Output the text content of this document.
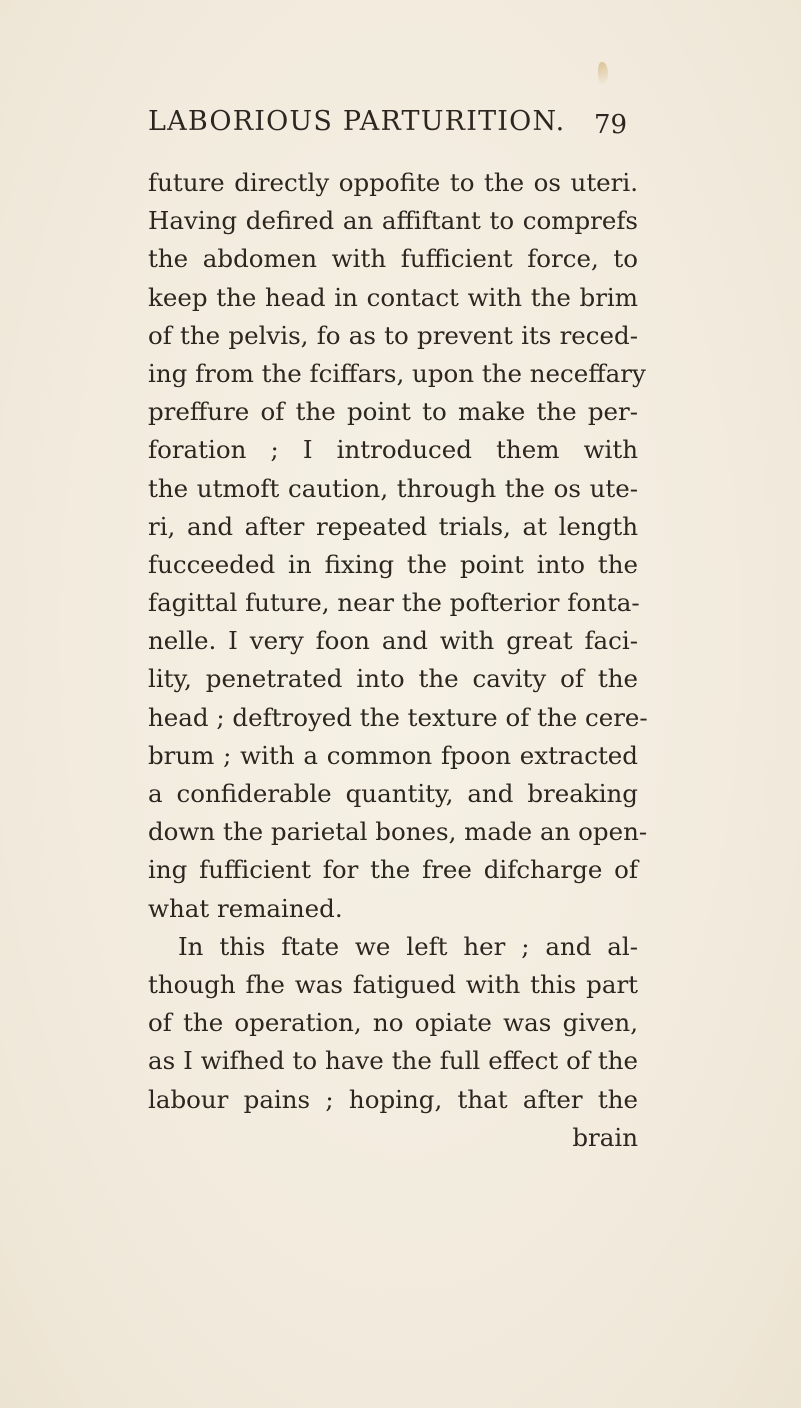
LABORIOUS PARTURITION. 79
future directly oppofite to the os uteri.
Having defired an affiftant to comprefs
the abdomen with fufficient force, to
keep the head in contact with the brim
of the pelvis, fo as to prevent its reced-
ing from the fciffars, upon the neceffary
preffure of the point to make the per-
foration ; I introduced them with
the utmoft caution, through the os ute-
ri, and after repeated trials, at length
fucceeded in fixing the point into the
fagittal future, near the pofterior fonta-
nelle. I very foon and with great faci-
lity, penetrated into the cavity of the
head ; deftroyed the texture of the cere-
brum ; with a common fpoon extracted
a confiderable quantity, and breaking
down the parietal bones, made an open-
ing fufficient for the free difcharge of
what remained.
In this ftate we left her ; and al-
though fhe was fatigued with this part
of the operation, no opiate was given,
as I wifhed to have the full effect of the
labour pains ; hoping, that after the
brain
